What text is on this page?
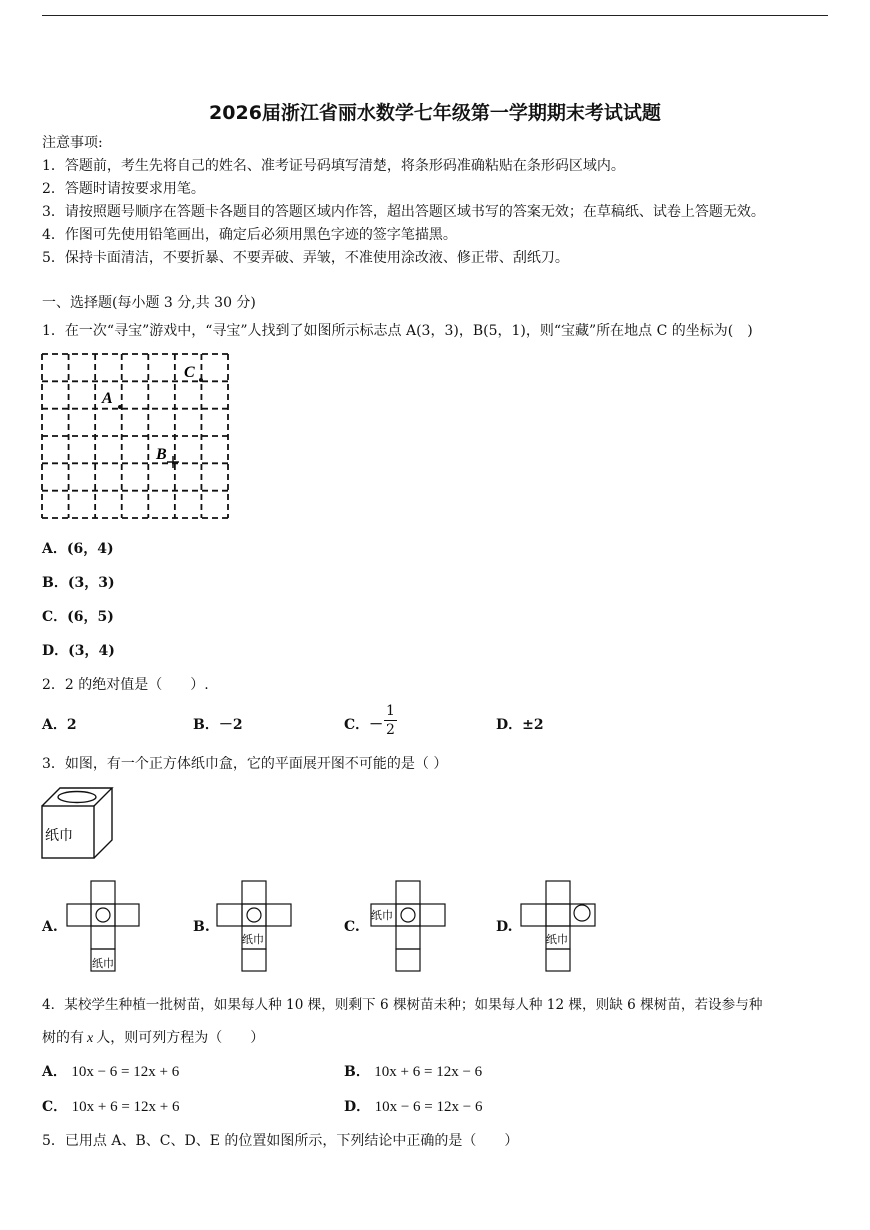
2026届浙江省丽水数学七年级第一学期期末考试试题
注意事项:
1．答题前，考生先将自己的姓名、准考证号码填写清楚，将条形码准确粘贴在条形码区域内。
2．答题时请按要求用笔。
3．请按照题号顺序在答题卡各题目的答题区域内作答，超出答题区域书写的答案无效；在草稿纸、试卷上答题无效。
4．作图可先使用铅笔画出，确定后必须用黑色字迹的签字笔描黑。
5．保持卡面清洁，不要折暴、不要弄破、弄皱，不准使用涂改液、修正带、刮纸刀。
一、选择题(每小题 3 分,共 30 分)
1．在一次“寻宝”游戏中，“寻宝”人找到了如图所示标志点 A(3，3)，B(5，1)，则“宝藏”所在地点 C 的坐标为(　)
A
B
C
A．(6，4)
B．(3，3)
C．(6，5)
D．(3，4)
2．2 的绝对值是（　　）.
A．2	B．－2	C．－ $\frac{1}{2}$	D．±2
3．如图，有一个正方体纸巾盒，它的平面展开图不可能的是（ ）
纸巾
A.
纸巾
B.
纸巾
C.
纸巾
D.
纸巾
4．某校学生种植一批树苗，如果每人种 10 棵，则剩下 6 棵树苗未种；如果每人种 12 棵，则缺 6 棵树苗，若设参与种
树的有 x 人，则可列方程为（　　）
A． 10x − 6 = 12x + 6	B． 10x + 6 = 12x − 6
C． 10x + 6 = 12x + 6	D． 10x − 6 = 12x − 6
5．已用点 A、B、C、D、E 的位置如图所示，下列结论中正确的是（　　）
